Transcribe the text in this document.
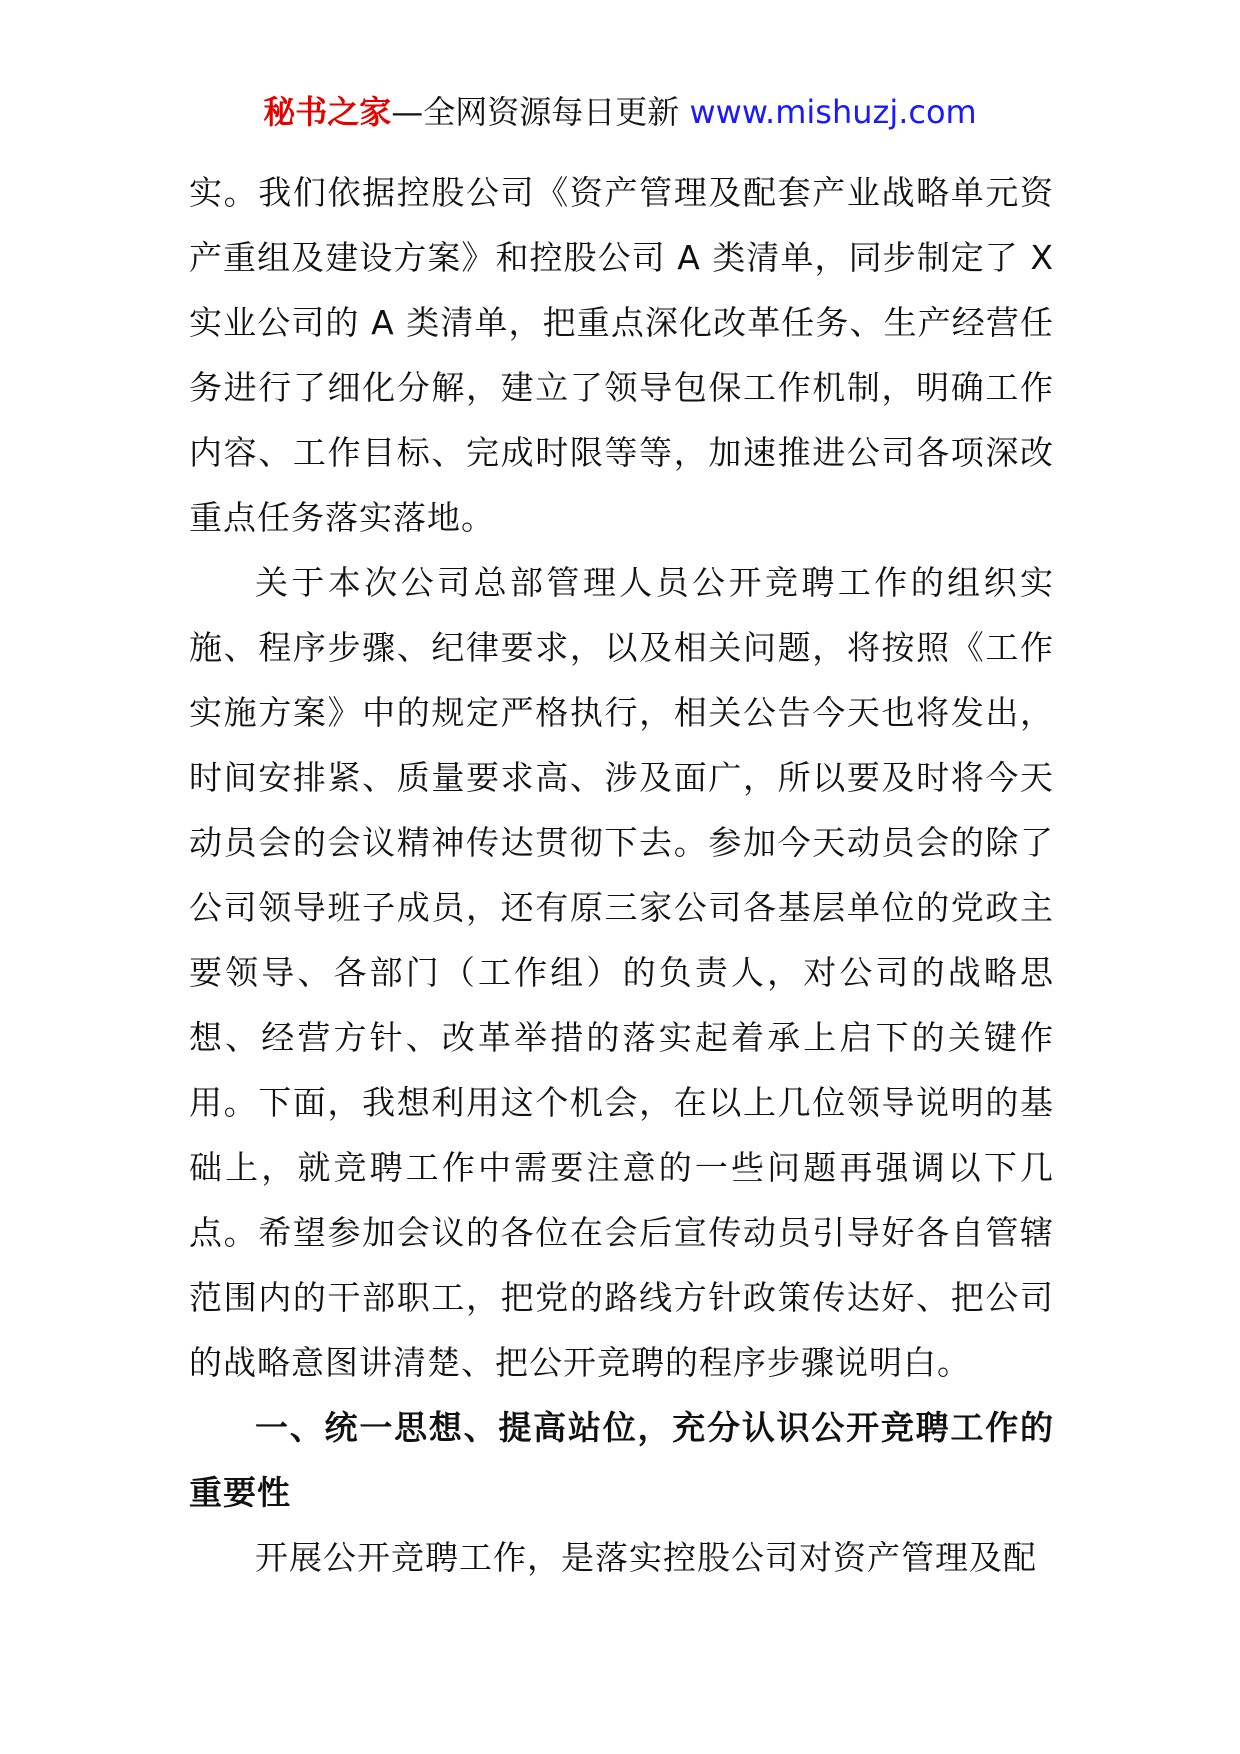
秘书之家—全网资源每日更新 www.mishuzj.com

实。我们依据控股公司《资产管理及配套产业战略单元资产重组及建设方案》和控股公司 A 类清单，同步制定了 X 实业公司的 A 类清单，把重点深化改革任务、生产经营任务进行了细化分解，建立了领导包保工作机制，明确工作内容、工作目标、完成时限等等，加速推进公司各项深改重点任务落实落地。

关于本次公司总部管理人员公开竞聘工作的组织实施、程序步骤、纪律要求，以及相关问题，将按照《工作实施方案》中的规定严格执行，相关公告今天也将发出，时间安排紧、质量要求高、涉及面广，所以要及时将今天动员会的会议精神传达贯彻下去。参加今天动员会的除了公司领导班子成员，还有原三家公司各基层单位的党政主要领导、各部门（工作组）的负责人，对公司的战略思想、经营方针、改革举措的落实起着承上启下的关键作用。下面，我想利用这个机会，在以上几位领导说明的基础上，就竞聘工作中需要注意的一些问题再强调以下几点。希望参加会议的各位在会后宣传动员引导好各自管辖范围内的干部职工，把党的路线方针政策传达好、把公司的战略意图讲清楚、把公开竞聘的程序步骤说明白。

一、统一思想、提高站位，充分认识公开竞聘工作的重要性

开展公开竞聘工作，是落实控股公司对资产管理及配
